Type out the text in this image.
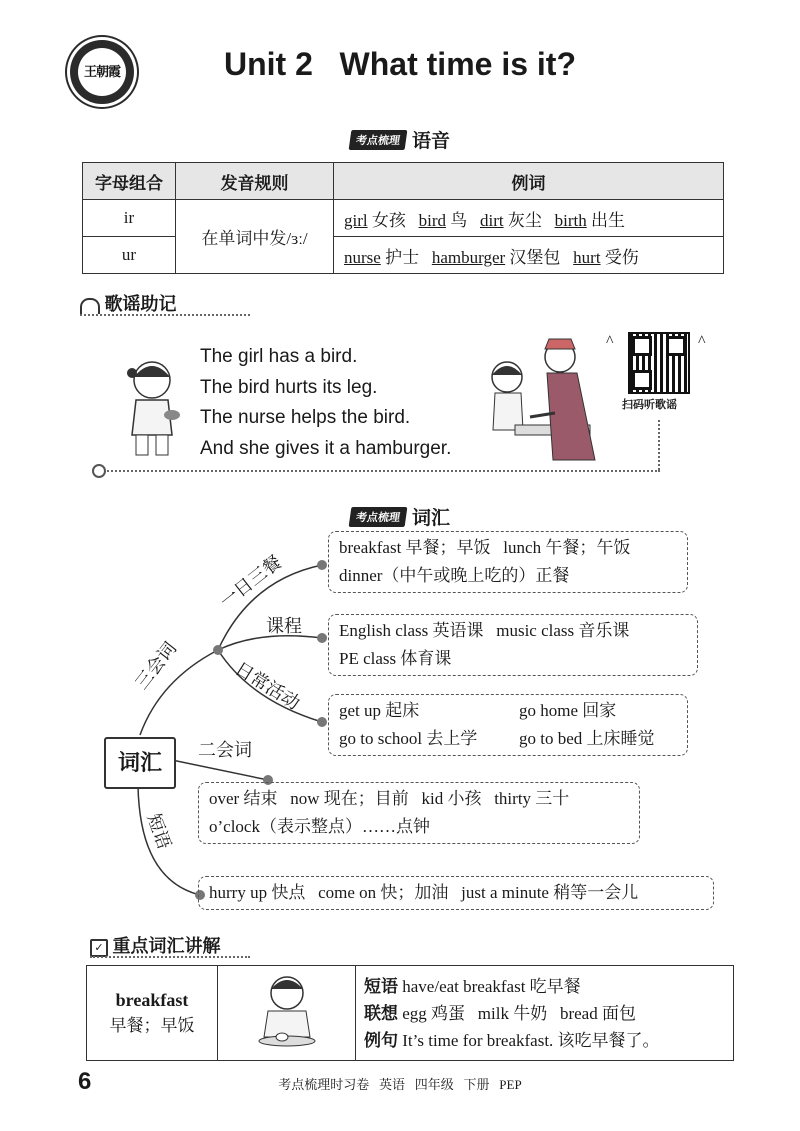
王朝霞	Unit 2   What time is it?
考点梳理 语音
字母组合	发音规则	例词
ir	在单词中发/ɜː/	girl 女孩 bird 鸟 dirt 灰尘 birth 出生
ur		nurse 护士 hamburger 汉堡包 hurt 受伤
歌谣助记
The girl has a bird.
The bird hurts its leg.
The nurse helps the bird.
And she gives it a hamburger.
^	^
扫码听歌谣
考点梳理 词汇
词汇
三会词
一日三餐
课程
日常活动
二会词
短语
breakfast 早餐；早饭   lunch 午餐；午饭
dinner（中午或晚上吃的）正餐
English class 英语课   music class 音乐课
PE class 体育课
get up 起床	go home 回家
go to school 去上学 go to bed 上床睡觉
over 结束   now 现在；目前   kid 小孩   thirty 三十
o’clock（表示整点）……点钟
hurry up 快点   come on 快；加油   just a minute 稍等一会儿
✓ 重点词汇讲解
breakfast
早餐；早饭

短语 have/eat breakfast 吃早餐
联想 egg 鸡蛋   milk 牛奶   bread 面包
例句 It’s time for breakfast. 该吃早餐了。
6	考点梳理时习卷   英语   四年级   下册   PEP
